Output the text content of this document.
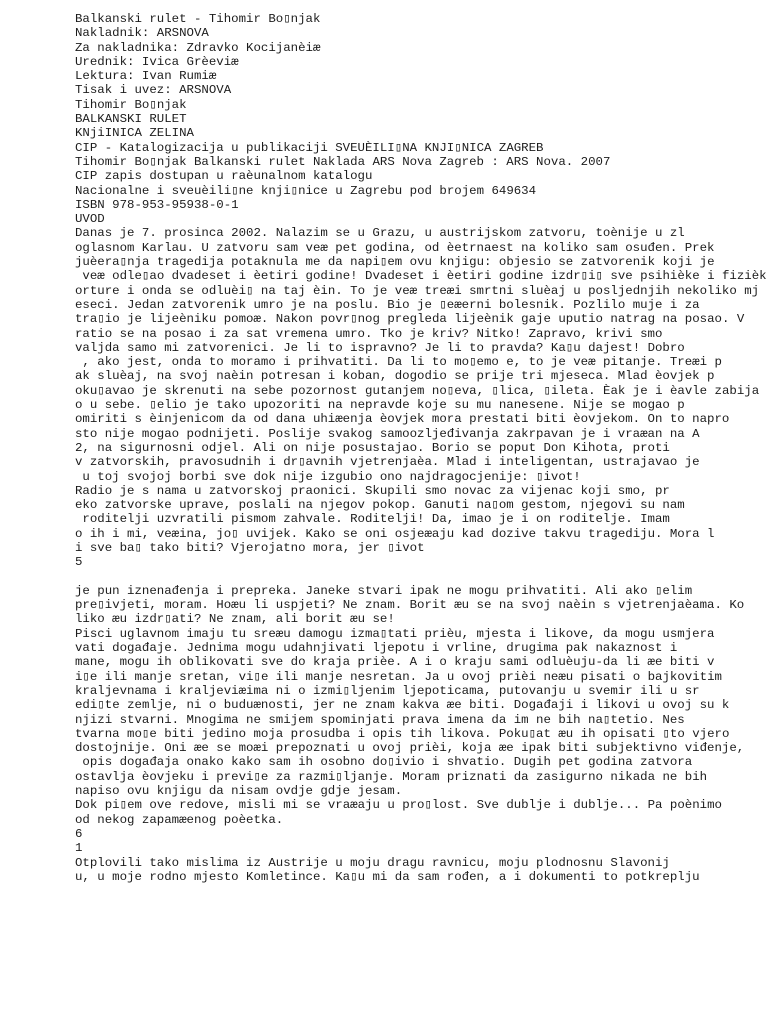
Balkanski rulet - Tihomir Bo▯njak
Nakladnik: ARSNOVA
Za nakladnika: Zdravko Kocijanèiæ
Urednik: Ivica Grèeviæ
Lektura: Ivan Rumiæ
Tisak i uvez: ARSNOVA
Tihomir Bo▯njak
BALKANSKI RULET
KNjiINICA ZELINA
CIP - Katalogizacija u publikaciji SVEUÈILI▯NA KNJI▯NICA ZAGREB
Tihomir Bo▯njak Balkanski rulet Naklada ARS Nova Zagreb : ARS Nova. 2007
CIP zapis dostupan u raèunalnom katalogu
Nacionalne i sveuèili▯ne knji▯nice u Zagrebu pod brojem 649634
ISBN 978-953-95938-0-1
UVOD
Danas je 7. prosinca 2002. Nalazim se u Grazu, u austrijskom zatvoru, toènije u zl
oglasnom Karlau. U zatvoru sam veæ pet godina, od èetrnaest na koliko sam osuđen. Prek
juèera▯nja tragedija potaknula me da napi▯em ovu knjigu: objesio se zatvorenik koji je
veæ odle▯ao dvadeset i èetiri godine! Dvadeset i èetiri godine izdr▯i▯ sve psihièke i fizièk
orture i onda se odluèi▯ na taj èin. To je veæ treæi smrtni sluèaj u posljednjih nekoliko mj
eseci. Jedan zatvorenik umro je na poslu. Bio je ▯eæerni bolesnik. Pozlilo muje i za
tra▯io je lijeèniku pomoæ. Nakon povr▯nog pregleda lijeènik gaje uputio natrag na posao. V
ratio se na posao i za sat vremena umro. Tko je kriv? Nitko! Zapravo, krivi smo
valjda samo mi zatvorenici. Je li to ispravno? Je li to pravda? Ka▯u dajest! Dobro
, ako jest, onda to moramo i prihvatiti. Da li to mo▯emo e, to je veæ pitanje. Treæi p
ak sluèaj, na svoj naèin potresan i koban, dogodio se prije tri mjeseca. Mlad èovjek p
oku▯avao je skrenuti na sebe pozornost gutanjem no▯eva, ▯lica, ▯ileta. Èak je i èavle zabija
o u sebe. ▯elio je tako upozoriti na nepravde koje su mu nanesene. Nije se mogao p
omiriti s èinjenicom da od dana uhiæenja èovjek mora prestati biti èovjekom. On to napro
sto nije mogao podnijeti. Poslije svakog samoozljeđivanja zakrpavan je i vraæan na A
2, na sigurnosni odjel. Ali on nije posustajao. Borio se poput Don Kihota, proti
v zatvorskih, pravosudnih i dr▯avnih vjetrenjaèa. Mlad i inteligentan, ustrajavao je
u toj svojoj borbi sve dok nije izgubio ono najdragocjenije: ▯ivot!
Radio je s nama u zatvorskoj praonici. Skupili smo novac za vijenac koji smo, pr
eko zatvorske uprave, poslali na njegov pokop. Ganuti na▯om gestom, njegovi su nam
roditelji uzvratili pismom zahvale. Roditelji! Da, imao je i on roditelje. Imam
o ih i mi, veæina, jo▯ uvijek. Kako se oni osjeæaju kad dozive takvu tragediju. Mora l
i sve ba▯ tako biti? Vjerojatno mora, jer ▯ivot
5
je pun iznenađenja i prepreka. Janeke stvari ipak ne mogu prihvatiti. Ali ako ▯elim
pre▯ivjeti, moram. Hoæu li uspjeti? Ne znam. Borit æu se na svoj naèin s vjetrenjaèama. Ko
liko æu izdr▯ati? Ne znam, ali borit æu se!
Pisci uglavnom imaju tu sreæu damogu izma▯tati prièu, mjesta i likove, da mogu usmjera
vati događaje. Jednima mogu udahnjivati ljepotu i vrline, drugima pak nakaznost i
mane, mogu ih oblikovati sve do kraja prièe. A i o kraju sami odluèuju-da li æe biti v
i▯e ili manje sretan, vi▯e ili manje nesretan. Ja u ovoj prièi neæu pisati o bajkovitim
kraljevnama i kraljeviæima ni o izmi▯ljenim ljepoticama, putovanju u svemir ili u sr
edi▯te zemlje, ni o buduænosti, jer ne znam kakva æe biti. Događaji i likovi u ovoj su k
njizi stvarni. Mnogima ne smijem spominjati prava imena da im ne bih na▯tetio. Nes
tvarna mo▯e biti jedino moja prosudba i opis tih likova. Poku▯at æu ih opisati ▯to vjero
dostojnije. Oni æe se moæi prepoznati u ovoj prièi, koja æe ipak biti subjektivno viđenje,
opis događaja onako kako sam ih osobno do▯ivio i shvatio. Dugih pet godina zatvora
ostavlja èovjeku i previ▯e za razmi▯ljanje. Moram priznati da zasigurno nikada ne bih
napiso ovu knjigu da nisam ovdje gdje jesam.
Dok pi▯em ove redove, misli mi se vraæaju u pro▯lost. Sve dublje i dublje... Pa poènimo
od nekog zapamæenog poèetka.
6
1
Otplovili tako mislima iz Austrije u moju dragu ravnicu, moju plodnosnu Slavonij
u, u moje rodno mjesto Komletince. Ka▯u mi da sam rođen, a i dokumenti to potkreplju
